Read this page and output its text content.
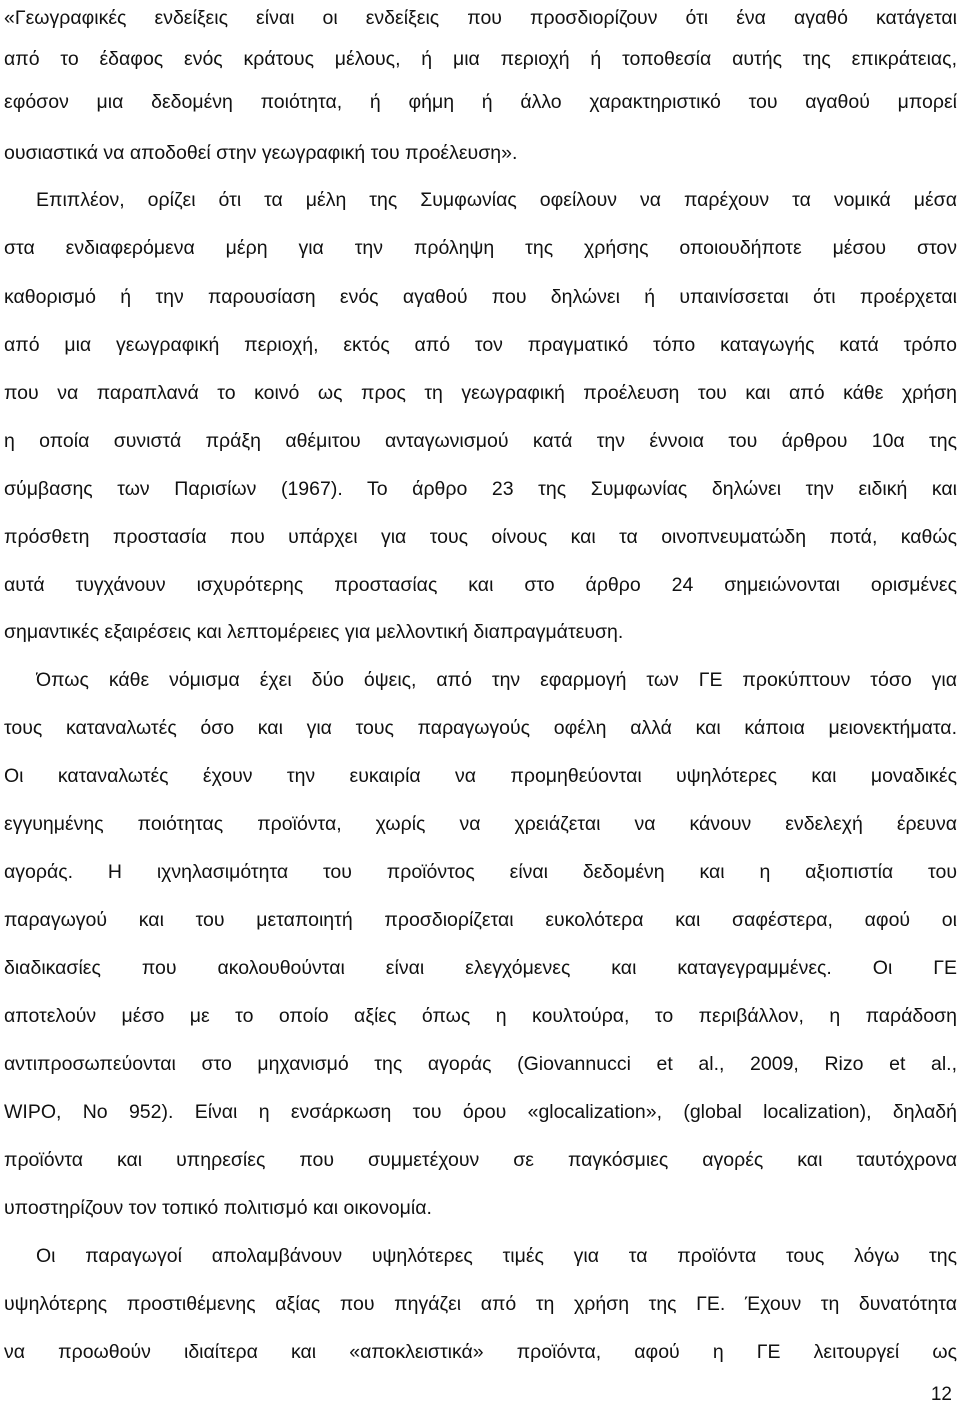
«Γεωγραφικές ενδείξεις είναι οι ενδείξεις που προσδιορίζουν ότι ένα αγαθό κατάγεται
από το έδαφος ενός κράτους μέλους, ή μια περιοχή ή τοποθεσία αυτής της επικράτειας,
εφόσον μια δεδομένη ποιότητα, ή φήμη ή άλλο χαρακτηριστικό του αγαθού μπορεί
ουσιαστικά να αποδοθεί στην γεωγραφική του προέλευση».
Επιπλέον, ορίζει ότι τα μέλη της Συμφωνίας οφείλουν να παρέχουν τα νομικά μέσα
στα ενδιαφερόμενα μέρη για την πρόληψη της χρήσης οποιουδήποτε μέσου στον
καθορισμό ή την παρουσίαση ενός αγαθού που δηλώνει ή υπαινίσσεται ότι προέρχεται
από μια γεωγραφική περιοχή, εκτός από τον πραγματικό τόπο καταγωγής κατά τρόπο
που να παραπλανά το κοινό ως προς τη γεωγραφική προέλευση του και από κάθε χρήση
η οποία συνιστά πράξη αθέμιτου ανταγωνισμού κατά την έννοια του άρθρου 10α της
σύμβασης των Παρισίων (1967). Το άρθρο 23 της Συμφωνίας δηλώνει την ειδική και
πρόσθετη προστασία που υπάρχει για τους οίνους και τα οινοπνευματώδη ποτά, καθώς
αυτά τυγχάνουν ισχυρότερης προστασίας και στο άρθρο 24 σημειώνονται ορισμένες
σημαντικές εξαιρέσεις και λεπτομέρειες για μελλοντική διαπραγμάτευση.
Όπως κάθε νόμισμα έχει δύο όψεις, από την εφαρμογή των ΓΕ προκύπτουν τόσο για
τους καταναλωτές όσο και για τους παραγωγούς οφέλη αλλά και κάποια μειονεκτήματα.
Οι καταναλωτές έχουν την ευκαιρία να προμηθεύονται υψηλότερες και μοναδικές
εγγυημένης ποιότητας προϊόντα, χωρίς να χρειάζεται να κάνουν ενδελεχή έρευνα
αγοράς. Η ιχνηλασιμότητα του προϊόντος είναι δεδομένη και η αξιοπιστία του
παραγωγού και του μεταποιητή προσδιορίζεται ευκολότερα και σαφέστερα, αφού οι
διαδικασίες που ακολουθούνται είναι ελεγχόμενες και καταγεγραμμένες. Οι ΓΕ
αποτελούν μέσο με το οποίο αξίες όπως η κουλτούρα, το περιβάλλον, η παράδοση
αντιπροσωπεύονται στο μηχανισμό της αγοράς (Giovannucci et al., 2009, Rizo et al.,
WIPO, No 952). Είναι η ενσάρκωση του όρου «glocalization», (global localization), δηλαδή
προϊόντα και υπηρεσίες που συμμετέχουν σε παγκόσμιες αγορές και ταυτόχρονα
υποστηρίζουν τον τοπικό πολιτισμό και οικονομία.
Οι παραγωγοί απολαμβάνουν υψηλότερες τιμές για τα προϊόντα τους λόγω της
υψηλότερης προστιθέμενης αξίας που πηγάζει από τη χρήση της ΓΕ. Έχουν τη δυνατότητα
να προωθούν ιδιαίτερα και «αποκλειστικά» προϊόντα, αφού η ΓΕ λειτουργεί ως
12
